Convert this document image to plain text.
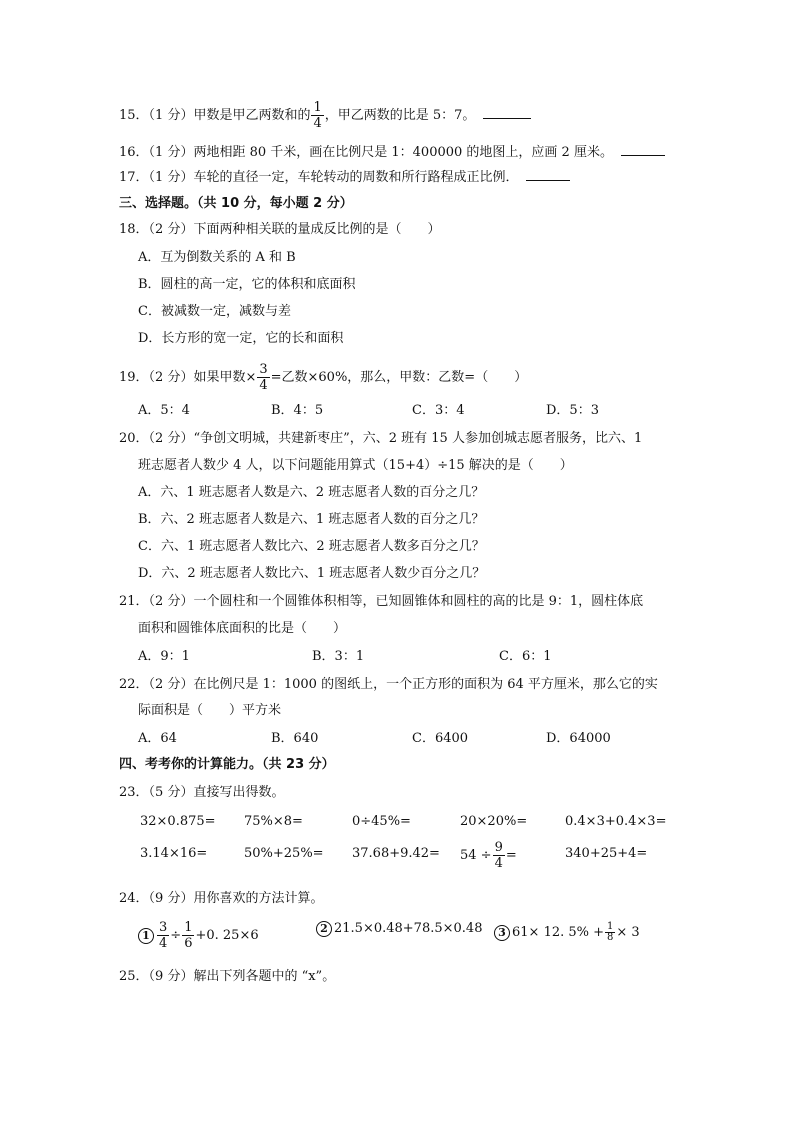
15．（1 分）甲数是甲乙两数和的 $\frac{1}{4}$ ，甲乙两数的比是 5：7。
16．（1 分）两地相距 80 千米，画在比例尺是 1：400000 的地图上，应画 2 厘米。
17．（1 分）车轮的直径一定，车轮转动的周数和所行路程成正比例．
三、选择题。（共 10 分，每小题 2 分）
18．（2 分）下面两种相关联的量成反比例的是（　　）
A．互为倒数关系的 A 和 B
B．圆柱的高一定，它的体积和底面积
C．被减数一定，减数与差
D．长方形的宽一定，它的长和面积
19．（2 分）如果甲数× $\frac{3}{4}$ =乙数×60%，那么，甲数：乙数=（　　）
A．5：4	B．4：5	C．3：4	D．5：3
20．（2 分）“争创文明城，共建新枣庄”，六、2 班有 15 人参加创城志愿者服务，比六、1
班志愿者人数少 4 人，以下问题能用算式（15+4）÷15 解决的是（　　）
A．六、1 班志愿者人数是六、2 班志愿者人数的百分之几？
B．六、2 班志愿者人数是六、1 班志愿者人数的百分之几？
C．六、1 班志愿者人数比六、2 班志愿者人数多百分之几？
D．六、2 班志愿者人数比六、1 班志愿者人数少百分之几？
21．（2 分）一个圆柱和一个圆锥体积相等，已知圆锥体和圆柱的高的比是 9：1，圆柱体底
面积和圆锥体底面积的比是（　　）
A．9：1	B．3：1	C．6：1
22．（2 分）在比例尺是 1：1000 的图纸上，一个正方形的面积为 64 平方厘米，那么它的实
际面积是（　　）平方米
A．64	B．640	C．6400	D．64000
四、考考你的计算能力。（共 23 分）
23．（5 分）直接写出得数。
32×0.875= 75%×8=	0÷45%=	20×20%=	0.4×3+0.4×3=
3.14×16=	$50\%+25\%= 37.68+9.42= 54 \div \frac{9}{4}$ =	340+25+4=
24．（9 分）用你喜欢的方法计算。
$1 \frac{3}{4} \div \frac{1}{6} +0$. 25×6	2 21.5×0.48+78.5×0.48	3 61× 12. $5\% + \frac{1}{8} \times 3$
25．（9 分）解出下列各题中的 “x”。
